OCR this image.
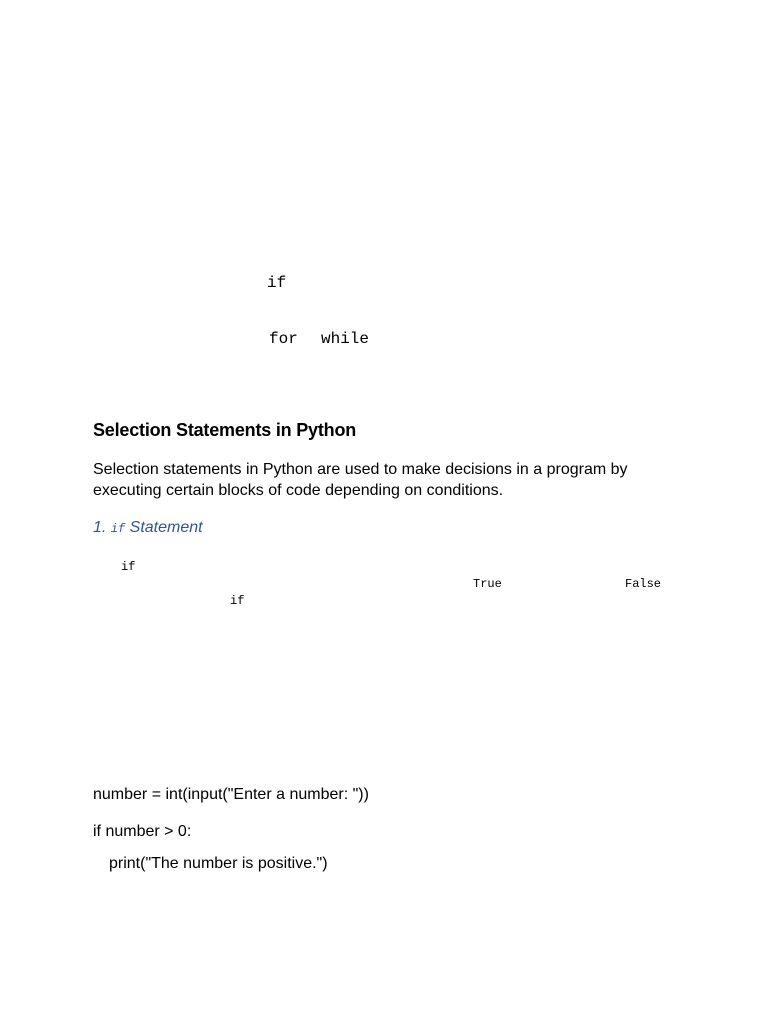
if
for while
Selection Statements in Python
Selection statements in Python are used to make decisions in a program by executing certain blocks of code depending on conditions.
1. if Statement
if
True	False
if
number = int(input("Enter a number: "))
if number > 0:
print("The number is positive.")
